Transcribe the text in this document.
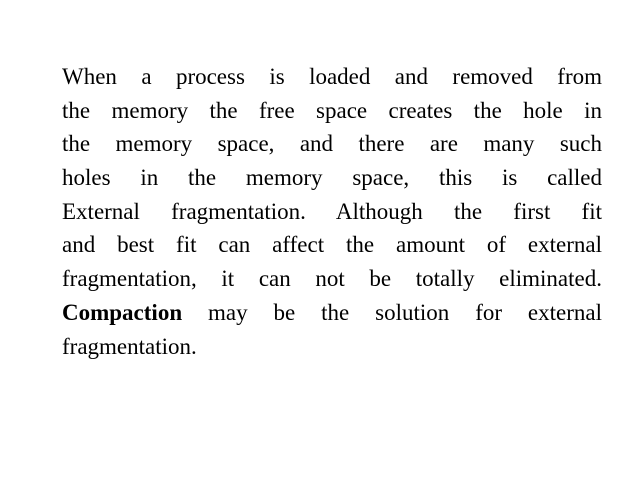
When a process is loaded and removed from
the memory the free space creates the hole in
the memory space, and there are many such
holes in the memory space, this is called
External fragmentation. Although the first fit
and best fit can affect the amount of external
fragmentation, it can not be totally eliminated.
Compaction may be the solution for external
fragmentation.
